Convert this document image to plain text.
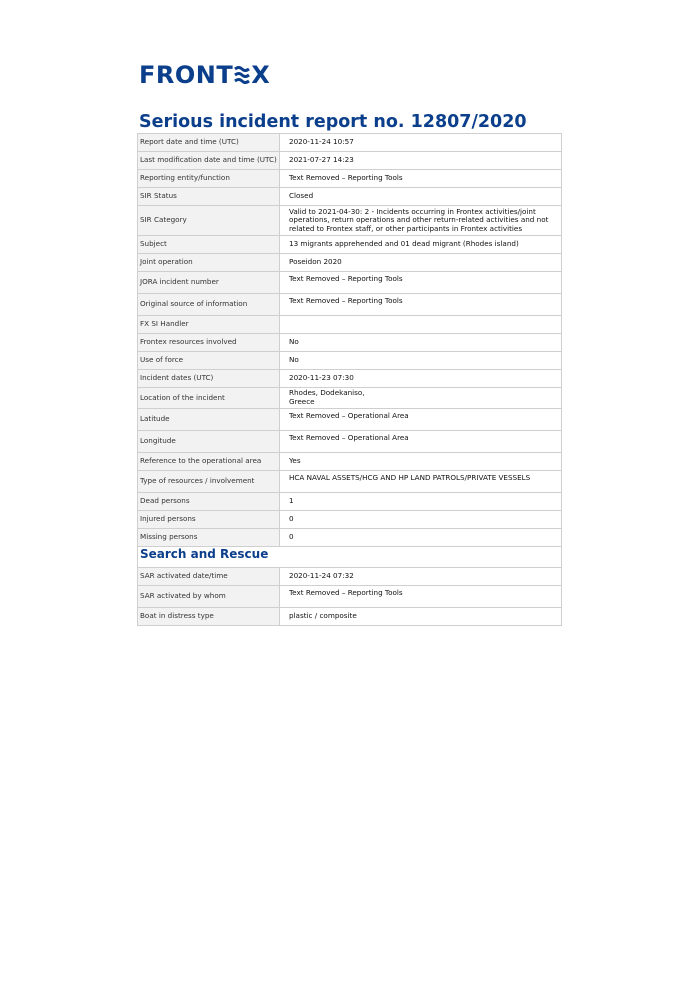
FRONT X
Serious incident report no. 12807/2020
Report date and time (UTC)	2020-11-24 10:57
Last modification date and time (UTC)	2021-07-27 14:23
Reporting entity/function	Text Removed – Reporting Tools
SIR Status	Closed
SIR Category	Valid to 2021-04-30: 2 - Incidents occurring in Frontex activities/joint operations, return operations and other return-related activities and not related to Frontex staff, or other participants in Frontex activities
Subject	13 migrants apprehended and 01 dead migrant (Rhodes island)
Joint operation	Poseidon 2020
JORA incident number	Text Removed – Reporting Tools
Original source of information	Text Removed – Reporting Tools
FX SI Handler	
Frontex resources involved	No
Use of force	No
Incident dates (UTC)	2020-11-23 07:30
Location of the incident	Rhodes, Dodekaniso,
Greece
Latitude	Text Removed – Operational Area
Longitude	Text Removed – Operational Area
Reference to the operational area	Yes
Type of resources / involvement	HCA NAVAL ASSETS/HCG AND HP LAND PATROLS/PRIVATE VESSELS
Dead persons	1
Injured persons	0
Missing persons	0
Search and Rescue
SAR activated date/time	2020-11-24 07:32
SAR activated by whom	Text Removed – Reporting Tools
Boat in distress type	plastic / composite
